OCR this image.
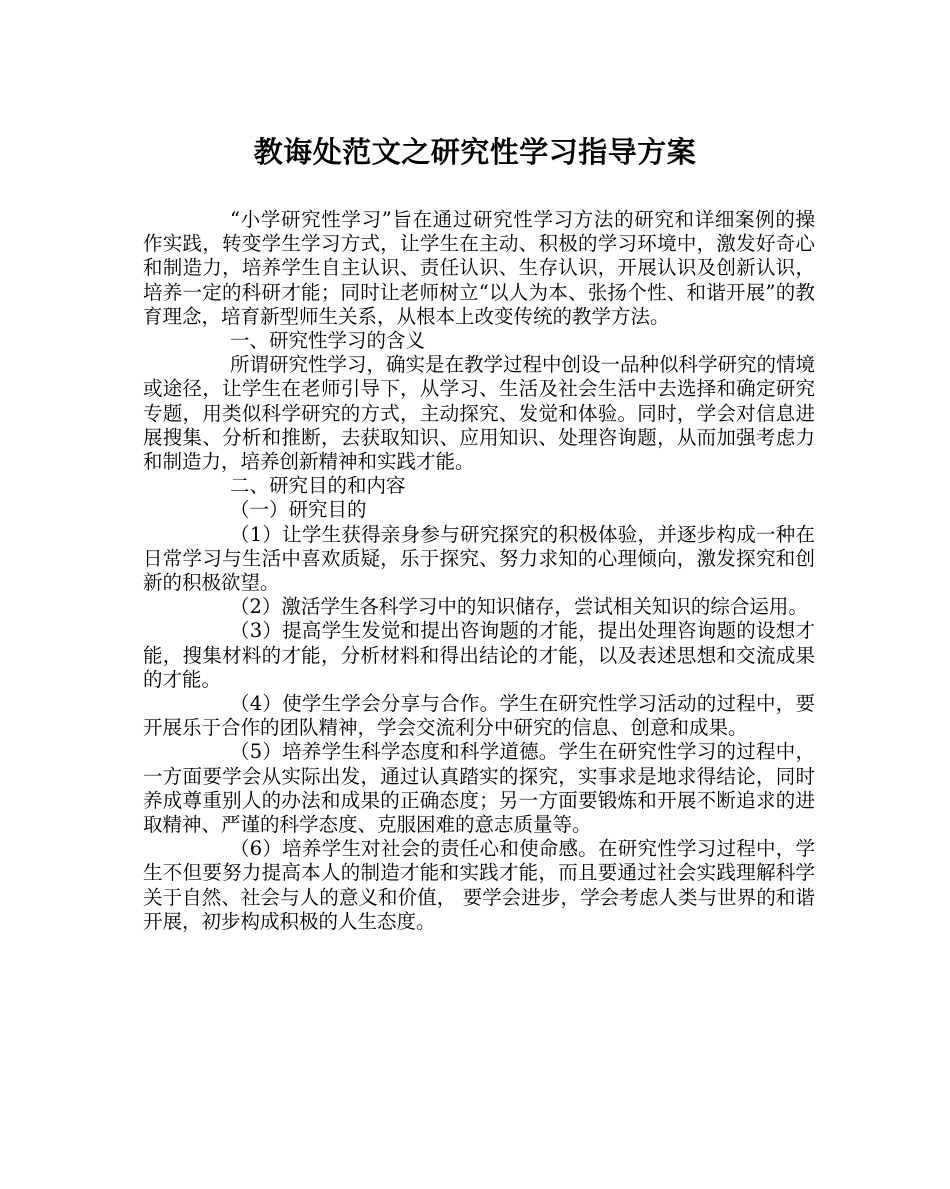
教诲处范文之研究性学习指导方案

“小学研究性学习”旨在通过研究性学习方法的研究和详细案例的操作实践，转变学生学习方式，让学生在主动、积极的学习环境中，激发好奇心和制造力，培养学生自主认识、责任认识、生存认识，开展认识及创新认识，培养一定的科研才能；同时让老师树立“以人为本、张扬个性、和谐开展”的教育理念，培育新型师生关系，从根本上改变传统的教学方法。

一、研究性学习的含义

所谓研究性学习，确实是在教学过程中创设一品种似科学研究的情境或途径，让学生在老师引导下，从学习、生活及社会生活中去选择和确定研究专题，用类似科学研究的方式，主动探究、发觉和体验。同时，学会对信息进展搜集、分析和推断，去获取知识、应用知识、处理咨询题，从而加强考虑力和制造力，培养创新精神和实践才能。

二、研究目的和内容

（一）研究目的

（1）让学生获得亲身参与研究探究的积极体验，并逐步构成一种在日常学习与生活中喜欢质疑，乐于探究、努力求知的心理倾向，激发探究和创新的积极欲望。

（2）激活学生各科学习中的知识储存，尝试相关知识的综合运用。

（3）提高学生发觉和提出咨询题的才能，提出处理咨询题的设想才能，搜集材料的才能，分析材料和得出结论的才能，以及表述思想和交流成果的才能。

（4）使学生学会分享与合作。学生在研究性学习活动的过程中，要开展乐于合作的团队精神，学会交流利分中研究的信息、创意和成果。

（5）培养学生科学态度和科学道德。学生在研究性学习的过程中，一方面要学会从实际出发，通过认真踏实的探究，实事求是地求得结论，同时养成尊重别人的办法和成果的正确态度；另一方面要锻炼和开展不断追求的进取精神、严谨的科学态度、克服困难的意志质量等。

（6）培养学生对社会的责任心和使命感。在研究性学习过程中，学生不但要努力提高本人的制造才能和实践才能，而且要通过社会实践理解科学关于自然、社会与人的意义和价值， 要学会进步，学会考虑人类与世界的和谐开展，初步构成积极的人生态度。
